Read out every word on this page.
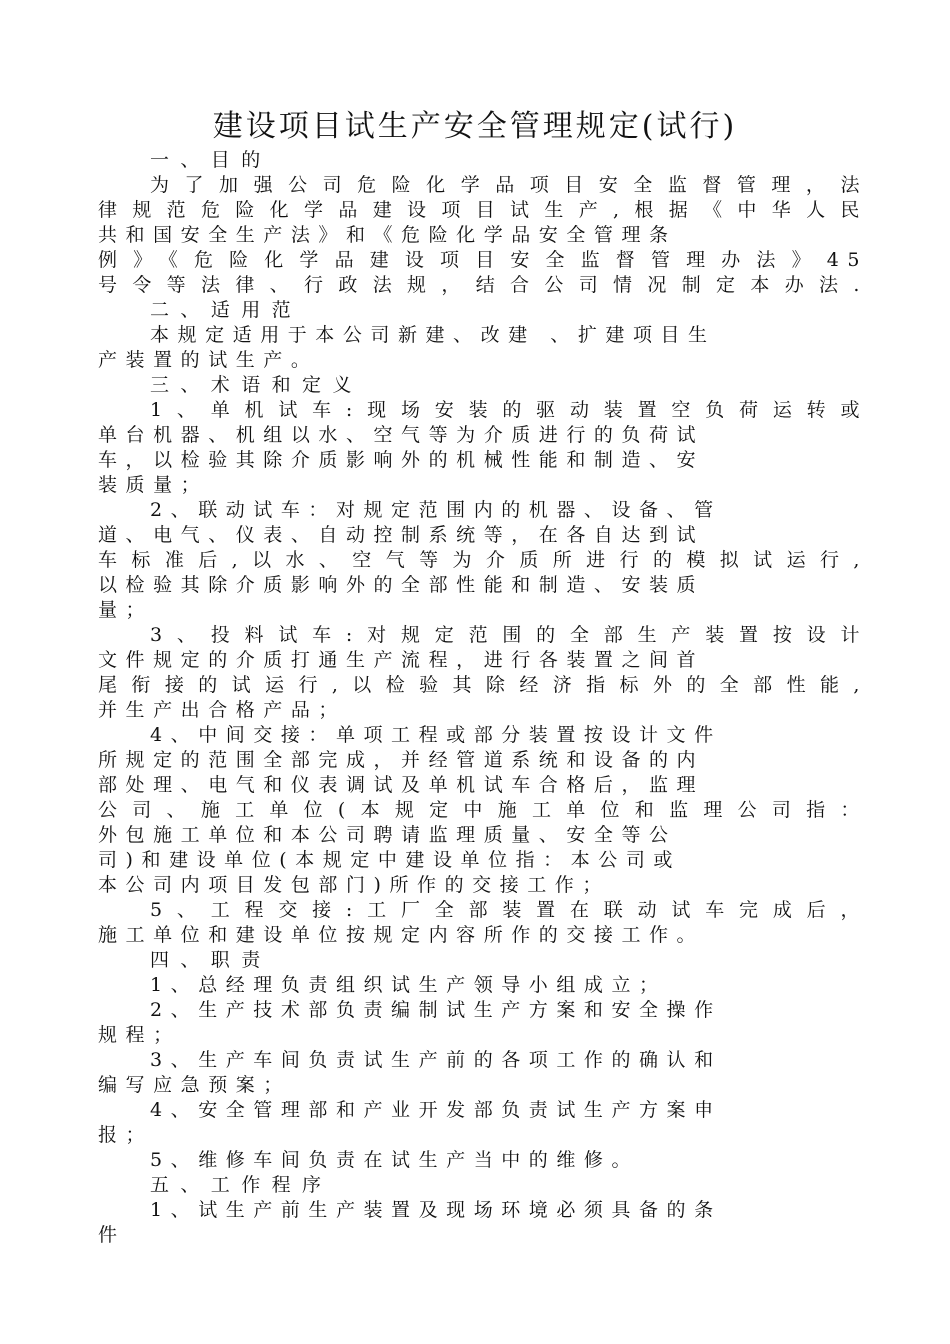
建设项目试生产安全管理规定(试行)
一、目的
为了加强公司危险化学品项目安全监督管理，法
律规范危险化学品建设项目试生产,根据《中华人民
共和国安全生产法》和《危险化学品安全管理条
例》《危险化学品建设项目安全监督管理办法》45
号令等法律、行政法规，结合公司情况制定本办法.
二、适用范
本规定适用于本公司新建、改建 、扩建项目生
产装置的试生产。
三、术语和定义
1、单机试车:现场安装的驱动装置空负荷运转或
单台机器、机组以水、空气等为介质进行的负荷试
车，以检验其除介质影响外的机械性能和制造、安
装质量；
2、联动试车：对规定范围内的机器、设备、管
道、电气、仪表、自动控制系统等，在各自达到试
车标准后,以水、空气等为介质所进行的模拟试运行,
以检验其除介质影响外的全部性能和制造、安装质
量；
3、投料试车:对规定范围的全部生产装置按设计
文件规定的介质打通生产流程，进行各装置之间首
尾衔接的试运行,以检验其除经济指标外的全部性能,
并生产出合格产品；
4、中间交接：单项工程或部分装置按设计文件
所规定的范围全部完成，并经管道系统和设备的内
部处理、电气和仪表调试及单机试车合格后，监理
公司、施工单位(本规定中施工单位和监理公司指：
外包施工单位和本公司聘请监理质量、安全等公
司)和建设单位(本规定中建设单位指：本公司或
本公司内项目发包部门)所作的交接工作；
5、工程交接:工厂全部装置在联动试车完成后，
施工单位和建设单位按规定内容所作的交接工作。
四、职责
1、总经理负责组织试生产领导小组成立；
2、生产技术部负责编制试生产方案和安全操作
规程；
3、生产车间负责试生产前的各项工作的确认和
编写应急预案；
4、安全管理部和产业开发部负责试生产方案申
报；
5、维修车间负责在试生产当中的维修。
五、工作程序
1、试生产前生产装置及现场环境必须具备的条
件
